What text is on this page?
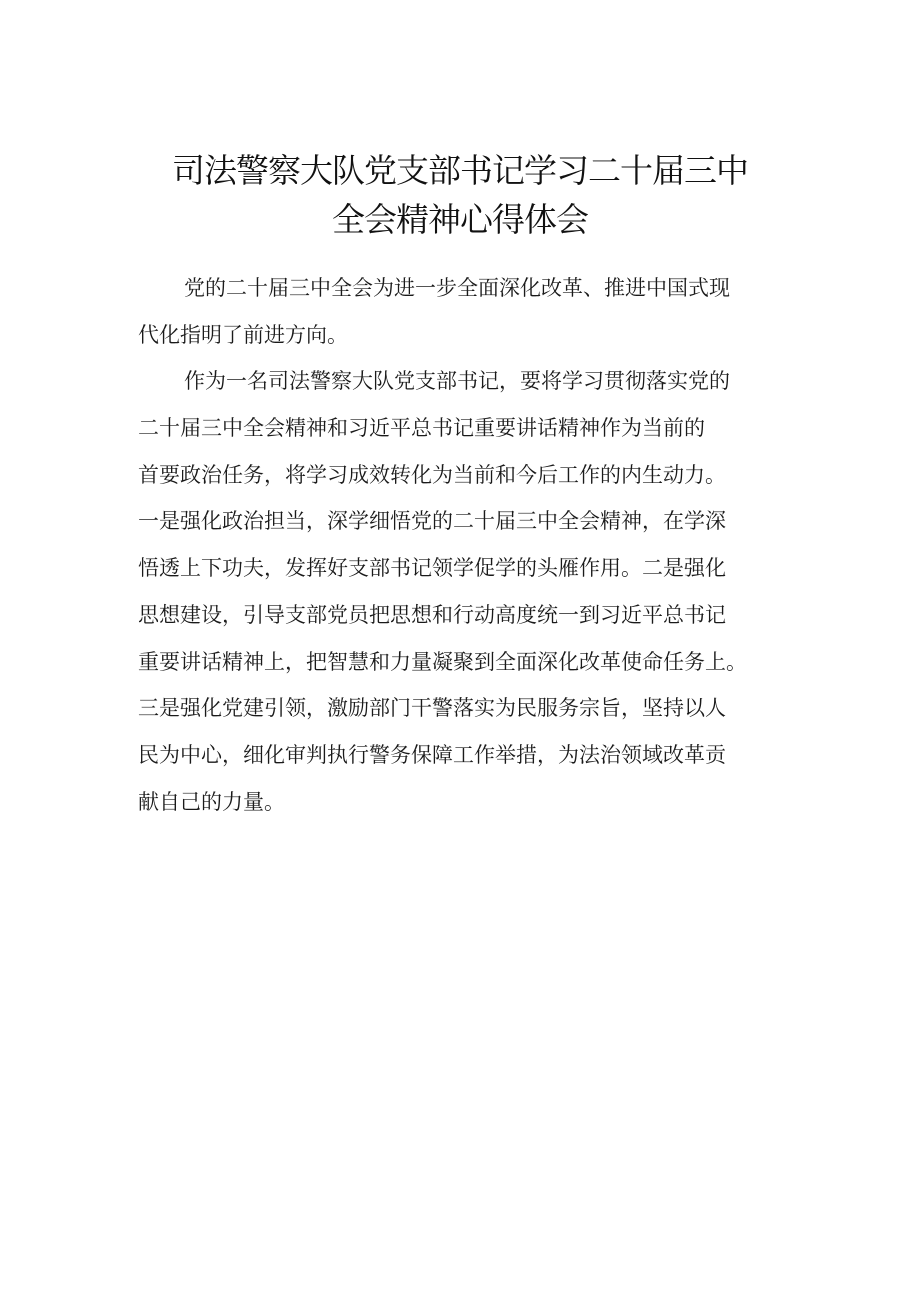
司法警察大队党支部书记学习二十届三中
全会精神心得体会
党的二十届三中全会为进一步全面深化改革、推进中国式现
代化指明了前进方向。
作为一名司法警察大队党支部书记，要将学习贯彻落实党的
二十届三中全会精神和习近平总书记重要讲话精神作为当前的
首要政治任务，将学习成效转化为当前和今后工作的内生动力。
一是强化政治担当，深学细悟党的二十届三中全会精神，在学深
悟透上下功夫，发挥好支部书记领学促学的头雁作用。二是强化
思想建设，引导支部党员把思想和行动高度统一到习近平总书记
重要讲话精神上，把智慧和力量凝聚到全面深化改革使命任务上。
三是强化党建引领，激励部门干警落实为民服务宗旨，坚持以人
民为中心，细化审判执行警务保障工作举措，为法治领域改革贡
献自己的力量。
